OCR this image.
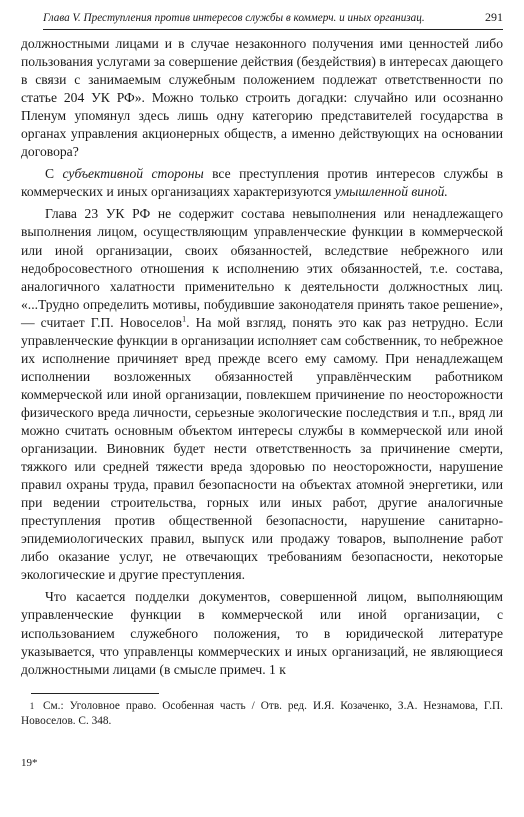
Глава V. Преступления против интересов службы в коммерч. и иных организац.	291

должностными лицами и в случае незаконного получения ими ценностей либо пользования услугами за совершение действия (бездействия) в интересах дающего в связи с занимаемым служебным положением подлежат ответственности по статье 204 УК РФ». Можно только строить догадки: случайно или осознанно Пленум упомянул здесь лишь одну категорию представителей государства в органах управления акционерных обществ, а именно действующих на основании договора?

С субъективной стороны все преступления против интересов службы в коммерческих и иных организациях характеризуются умышленной виной.

Глава 23 УК РФ не содержит состава невыполнения или ненадлежащего выполнения лицом, осуществляющим управленческие функции в коммерческой или иной организации, своих обязанностей, вследствие небрежного или недобросовестного отношения к исполнению этих обязанностей, т.е. состава, аналогичного халатности применительно к деятельности должностных лиц. «...Трудно определить мотивы, побудившие законодателя принять такое решение», — считает Г.П. Новоселов$^1$. На мой взгляд, понять это как раз нетрудно. Если управленческие функции в организации исполняет сам собственник, то небрежное их исполнение причиняет вред прежде всего ему самому. При ненадлежащем исполнении возложенных обязанностей управлёнческим работником коммерческой или иной организации, повлекшем причинение по неосторожности физического вреда личности, серьезные экологические последствия и т.п., вряд ли можно считать основным объектом интересы службы в коммерческой или иной организации. Виновник будет нести ответственность за причинение смерти, тяжкого или средней тяжести вреда здоровью по неосторожности, нарушение правил охраны труда, правил безопасности на объектах атомной энергетики, или при ведении строительства, горных или иных работ, другие аналогичные преступления против общественной безопасности, нарушение санитарно-эпидемиологических правил, выпуск или продажу товаров, выполнение работ либо оказание услуг, не отвечающих требованиям безопасности, некоторые экологические и другие преступления.

Что касается подделки документов, совершенной лицом, выполняющим управленческие функции в коммерческой или иной организации, с использованием служебного положения, то в юридической литературе указывается, что управленцы коммерческих и иных организаций, не являющиеся должностными лицами (в смысле примеч. 1 к

1 См.: Уголовное право. Особенная часть / Отв. ред. И.Я. Козаченко, З.А. Незнамова, Г.П. Новоселов. С. 348.
19*
